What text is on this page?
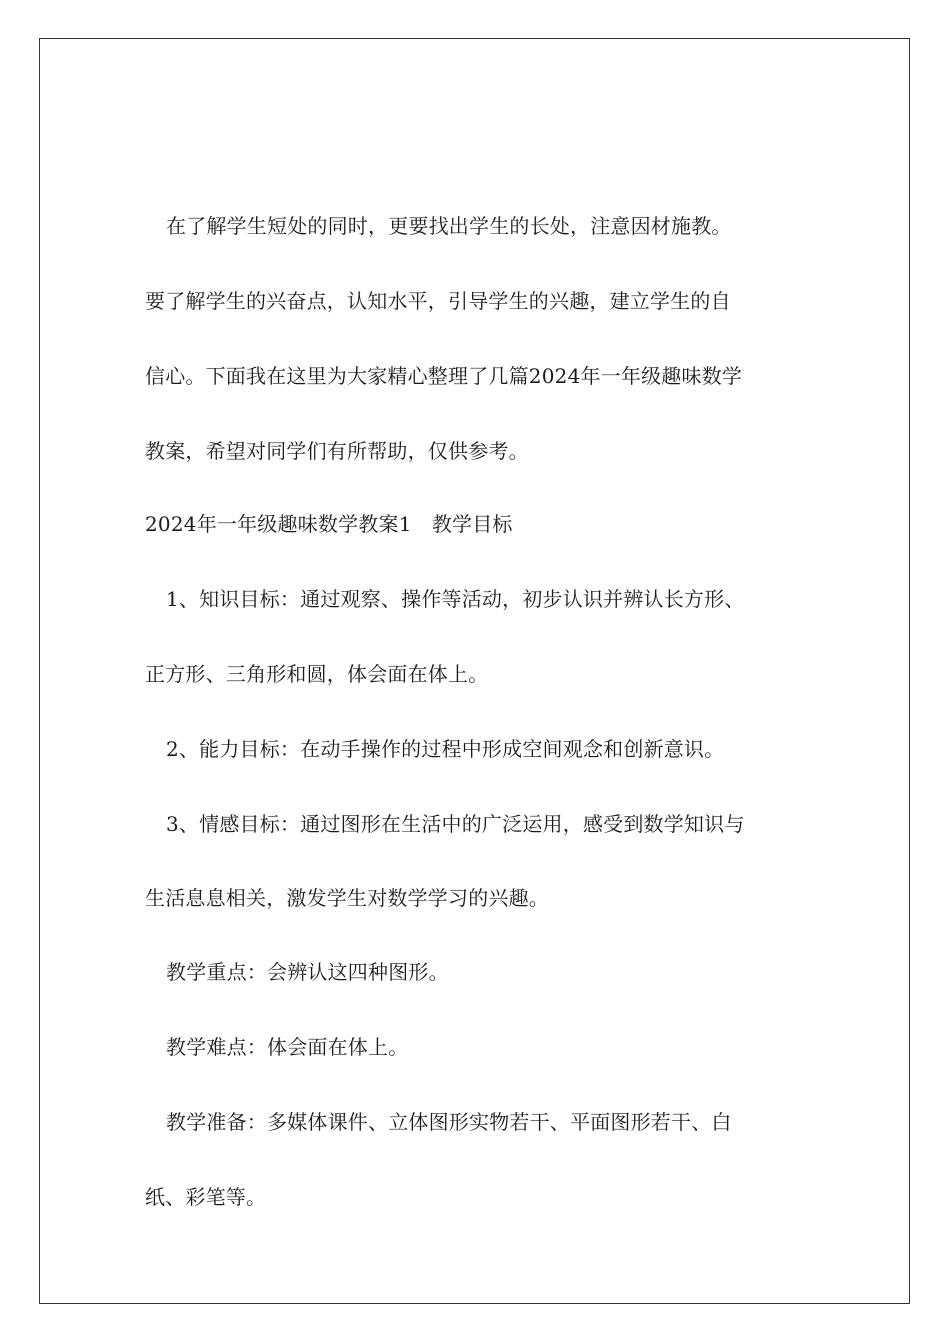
在了解学生短处的同时，更要找出学生的长处，注意因材施教。
要了解学生的兴奋点，认知水平，引导学生的兴趣，建立学生的自
信心。下面我在这里为大家精心整理了几篇2024年一年级趣味数学
教案，希望对同学们有所帮助，仅供参考。
2024年一年级趣味数学教案1　教学目标
1、知识目标：通过观察、操作等活动，初步认识并辨认长方形、
正方形、三角形和圆，体会面在体上。
2、能力目标：在动手操作的过程中形成空间观念和创新意识。
3、情感目标：通过图形在生活中的广泛运用，感受到数学知识与
生活息息相关，激发学生对数学学习的兴趣。
教学重点：会辨认这四种图形。
教学难点：体会面在体上。
教学准备：多媒体课件、立体图形实物若干、平面图形若干、白
纸、彩笔等。
